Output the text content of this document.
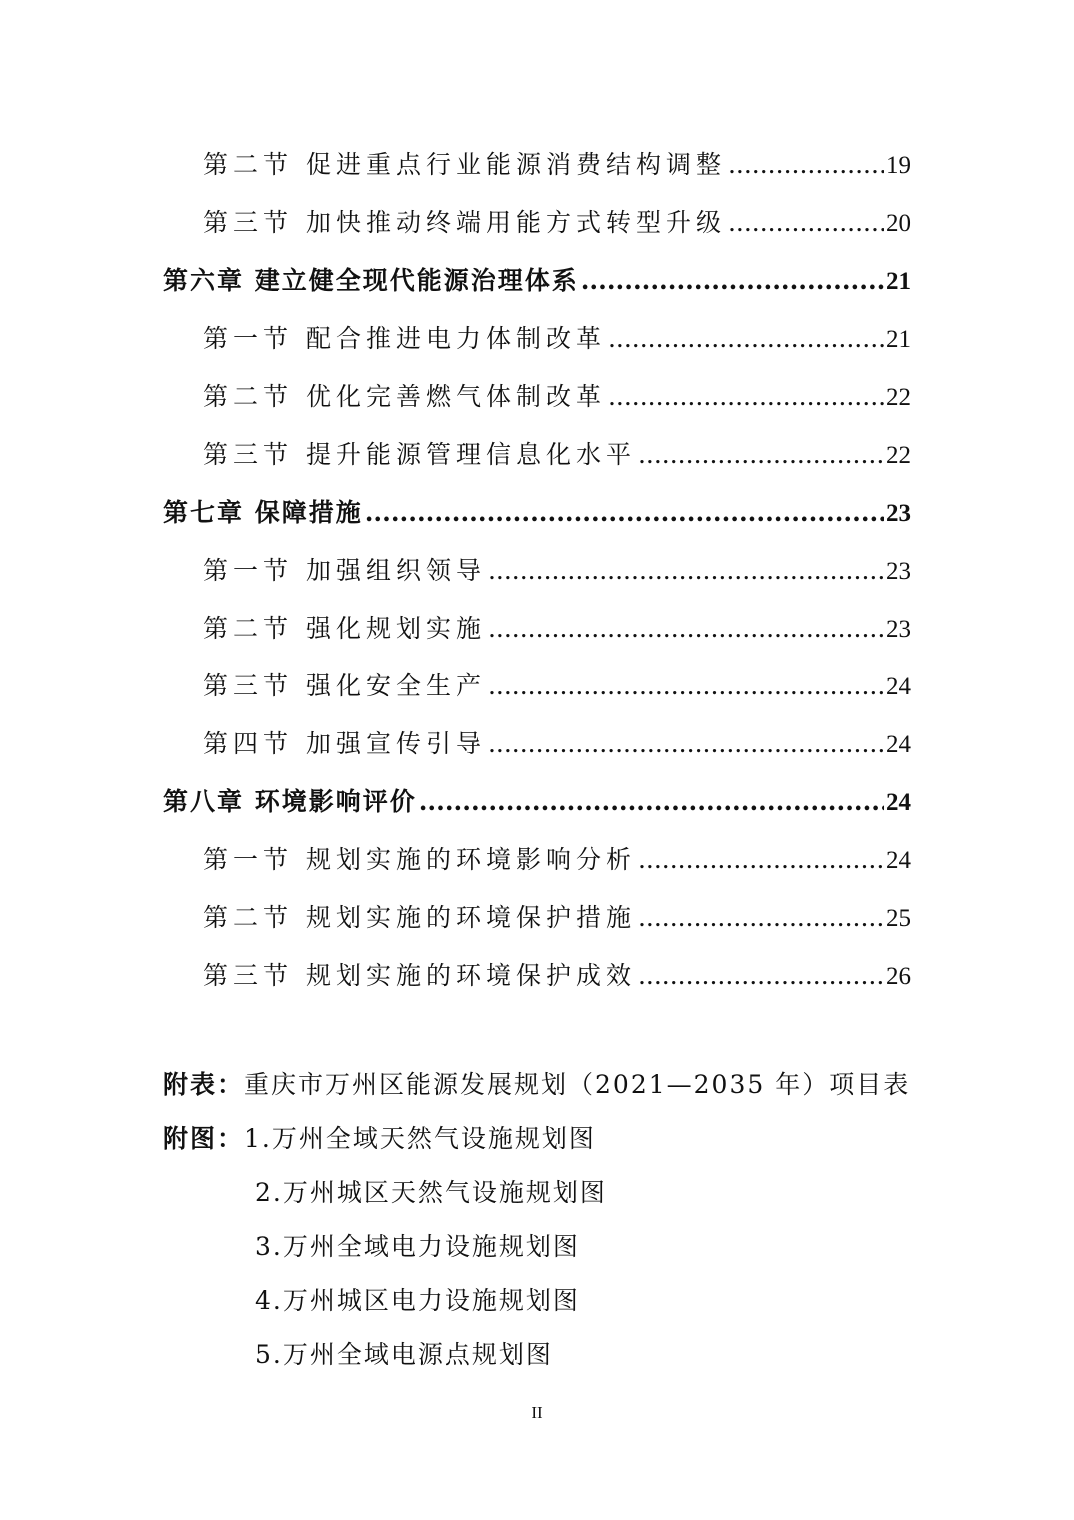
第二节 促进重点行业能源消费结构调整 .....	19
第三节 加快推动终端用能方式转型升级 .....	20
第六章 建立健全现代能源治理体系 .....	21
第一节 配合推进电力体制改革 .....	21
第二节 优化完善燃气体制改革 .....	22
第三节 提升能源管理信息化水平 .....	22
第七章 保障措施 .....	23
第一节 加强组织领导 .....	23
第二节 强化规划实施 .....	23
第三节 强化安全生产 .....	24
第四节 加强宣传引导 .....	24
第八章 环境影响评价 .....	24
第一节 规划实施的环境影响分析 .....	24
第二节 规划实施的环境保护措施 .....	25
第三节 规划实施的环境保护成效 .....	26
附表：重庆市万州区能源发展规划（2021—2035 年）项目表
附图：1.万州全域天然气设施规划图
2.万州城区天然气设施规划图
3.万州全域电力设施规划图
4.万州城区电力设施规划图
5.万州全域电源点规划图
II
